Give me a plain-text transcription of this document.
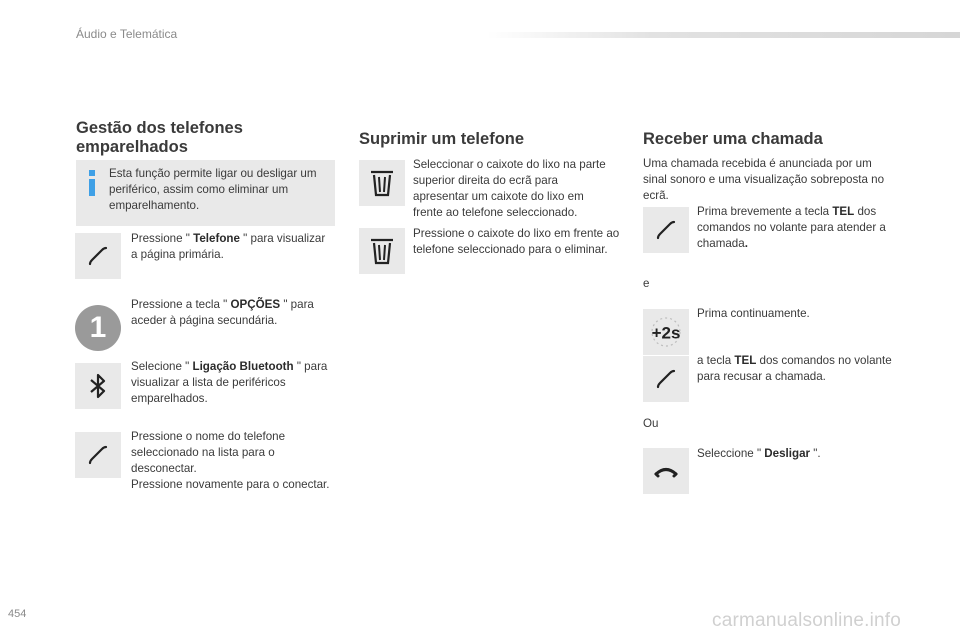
Áudio e Telemática
Gestão dos telefones
emparelhados
Esta função permite ligar ou desligar um periférico, assim como eliminar um emparelhamento.
Pressione " Telefone " para visualizar a página primária.
1
Pressione a tecla " OPÇÕES " para aceder à página secundária.
Selecione " Ligação Bluetooth " para visualizar a lista de periféricos emparelhados.
Pressione o nome do telefone seleccionado na lista para o desconectar.
Pressione novamente para o conectar.
Suprimir um telefone
Seleccionar o caixote do lixo na parte superior direita do ecrã para apresentar um caixote do lixo em frente ao telefone seleccionado.
Pressione o caixote do lixo em frente ao telefone seleccionado para o eliminar.
Receber uma chamada
Uma chamada recebida é anunciada por um sinal sonoro e uma visualização sobreposta no ecrã.
Prima brevemente a tecla TEL dos comandos no volante para atender a chamada.
e
+2s
Prima continuamente.
a tecla TEL dos comandos no volante para recusar a chamada.
Ou
Seleccione " Desligar ".
454	carmanualsonline.info
